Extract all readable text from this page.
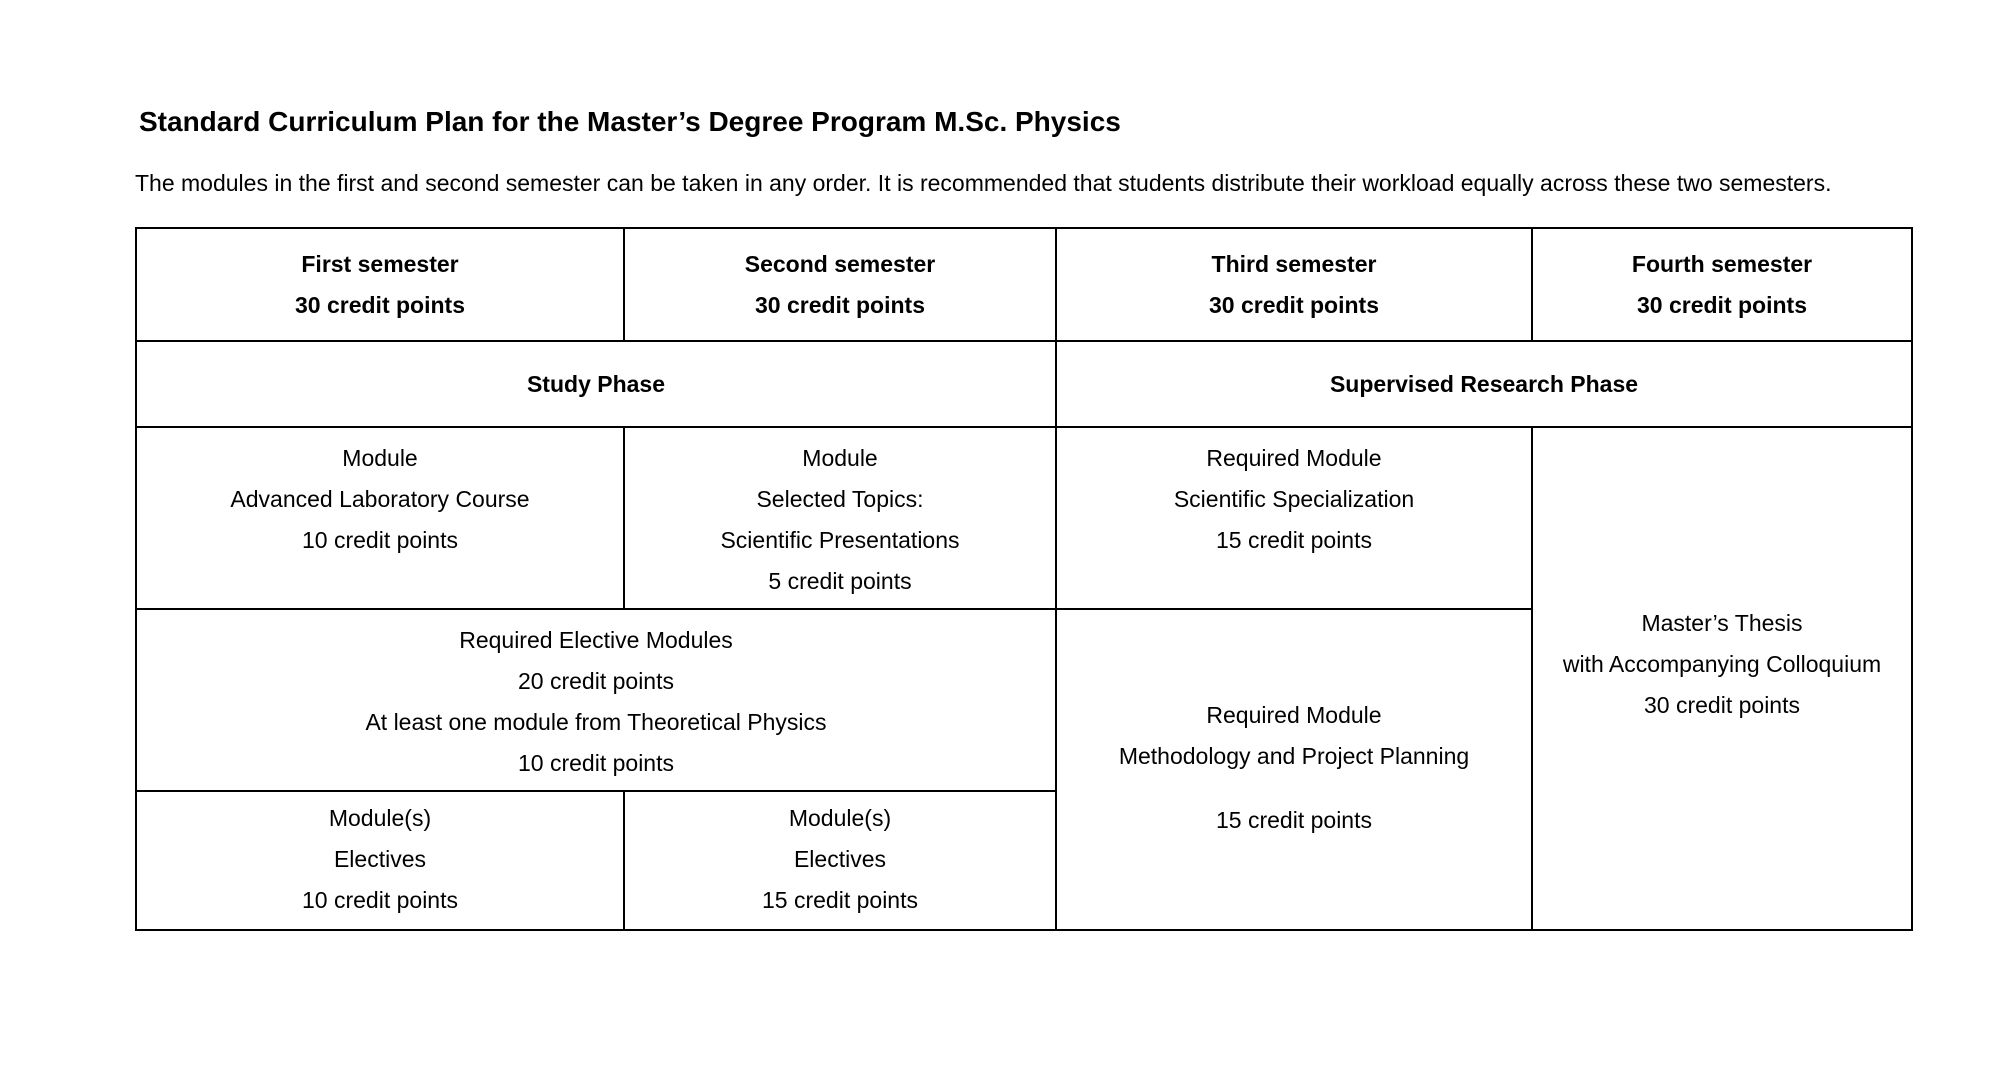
Standard Curriculum Plan for the Master’s Degree Program M.Sc. Physics
The modules in the first and second semester can be taken in any order. It is recommended that students distribute their workload equally across these two semesters.
First semester
30 credit points	Second semester
30 credit points	Third semester
30 credit points	Fourth semester
30 credit points

Study Phase		Supervised Research Phase	

Module
Advanced Laboratory Course
10 credit points	Module
Selected Topics:
Scientific Presentations
5 credit points	Required Module
Scientific Specialization
15 credit points	Master’s Thesis
with Accompanying Colloquium
30 credit points

Required Elective Modules
20 credit points
At least one module from Theoretical Physics
10 credit points		Required Module
Methodology and Project Planning
15 credit points	

Module(s)
Electives
10 credit points	Module(s)
Electives
15 credit points		
